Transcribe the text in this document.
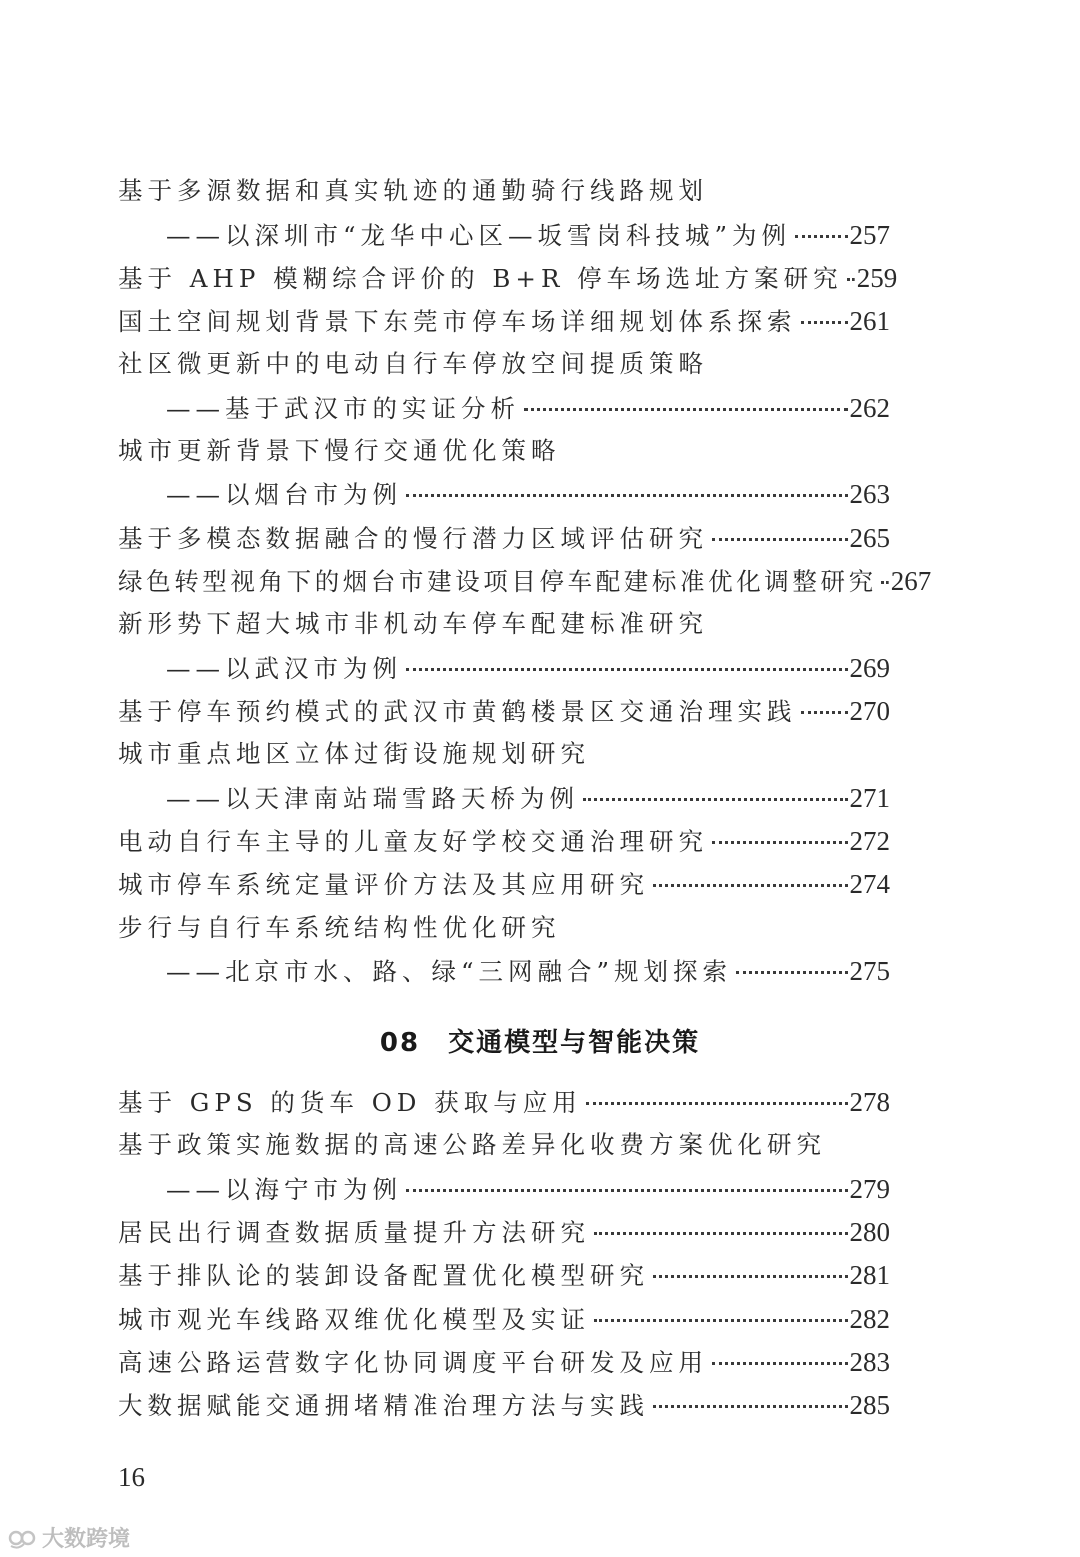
基于多源数据和真实轨迹的通勤骑行线路规划
——以深圳市“龙华中心区—坂雪岗科技城”为例 257
基于 AHP 模糊综合评价的 B+R 停车场选址方案研究 259
国土空间规划背景下东莞市停车场详细规划体系探索 261
社区微更新中的电动自行车停放空间提质策略
——基于武汉市的实证分析	262
城市更新背景下慢行交通优化策略
——以烟台市为例	263
基于多模态数据融合的慢行潜力区域评估研究	265
绿色转型视角下的烟台市建设项目停车配建标准优化调整研究 267
新形势下超大城市非机动车停车配建标准研究
——以武汉市为例	269
基于停车预约模式的武汉市黄鹤楼景区交通治理实践 270
城市重点地区立体过街设施规划研究
——以天津南站瑞雪路天桥为例	271
电动自行车主导的儿童友好学校交通治理研究	272
城市停车系统定量评价方法及其应用研究	274
步行与自行车系统结构性优化研究
——北京市水、路、绿“三网融合”规划探索	275
08 交通模型与智能决策
基于 GPS 的货车 OD 获取与应用	278
基于政策实施数据的高速公路差异化收费方案优化研究
——以海宁市为例	279
居民出行调查数据质量提升方法研究	280
基于排队论的装卸设备配置优化模型研究	281
城市观光车线路双维优化模型及实证	282
高速公路运营数字化协同调度平台研发及应用	283
大数据赋能交通拥堵精准治理方法与实践	285
16
大数跨境
